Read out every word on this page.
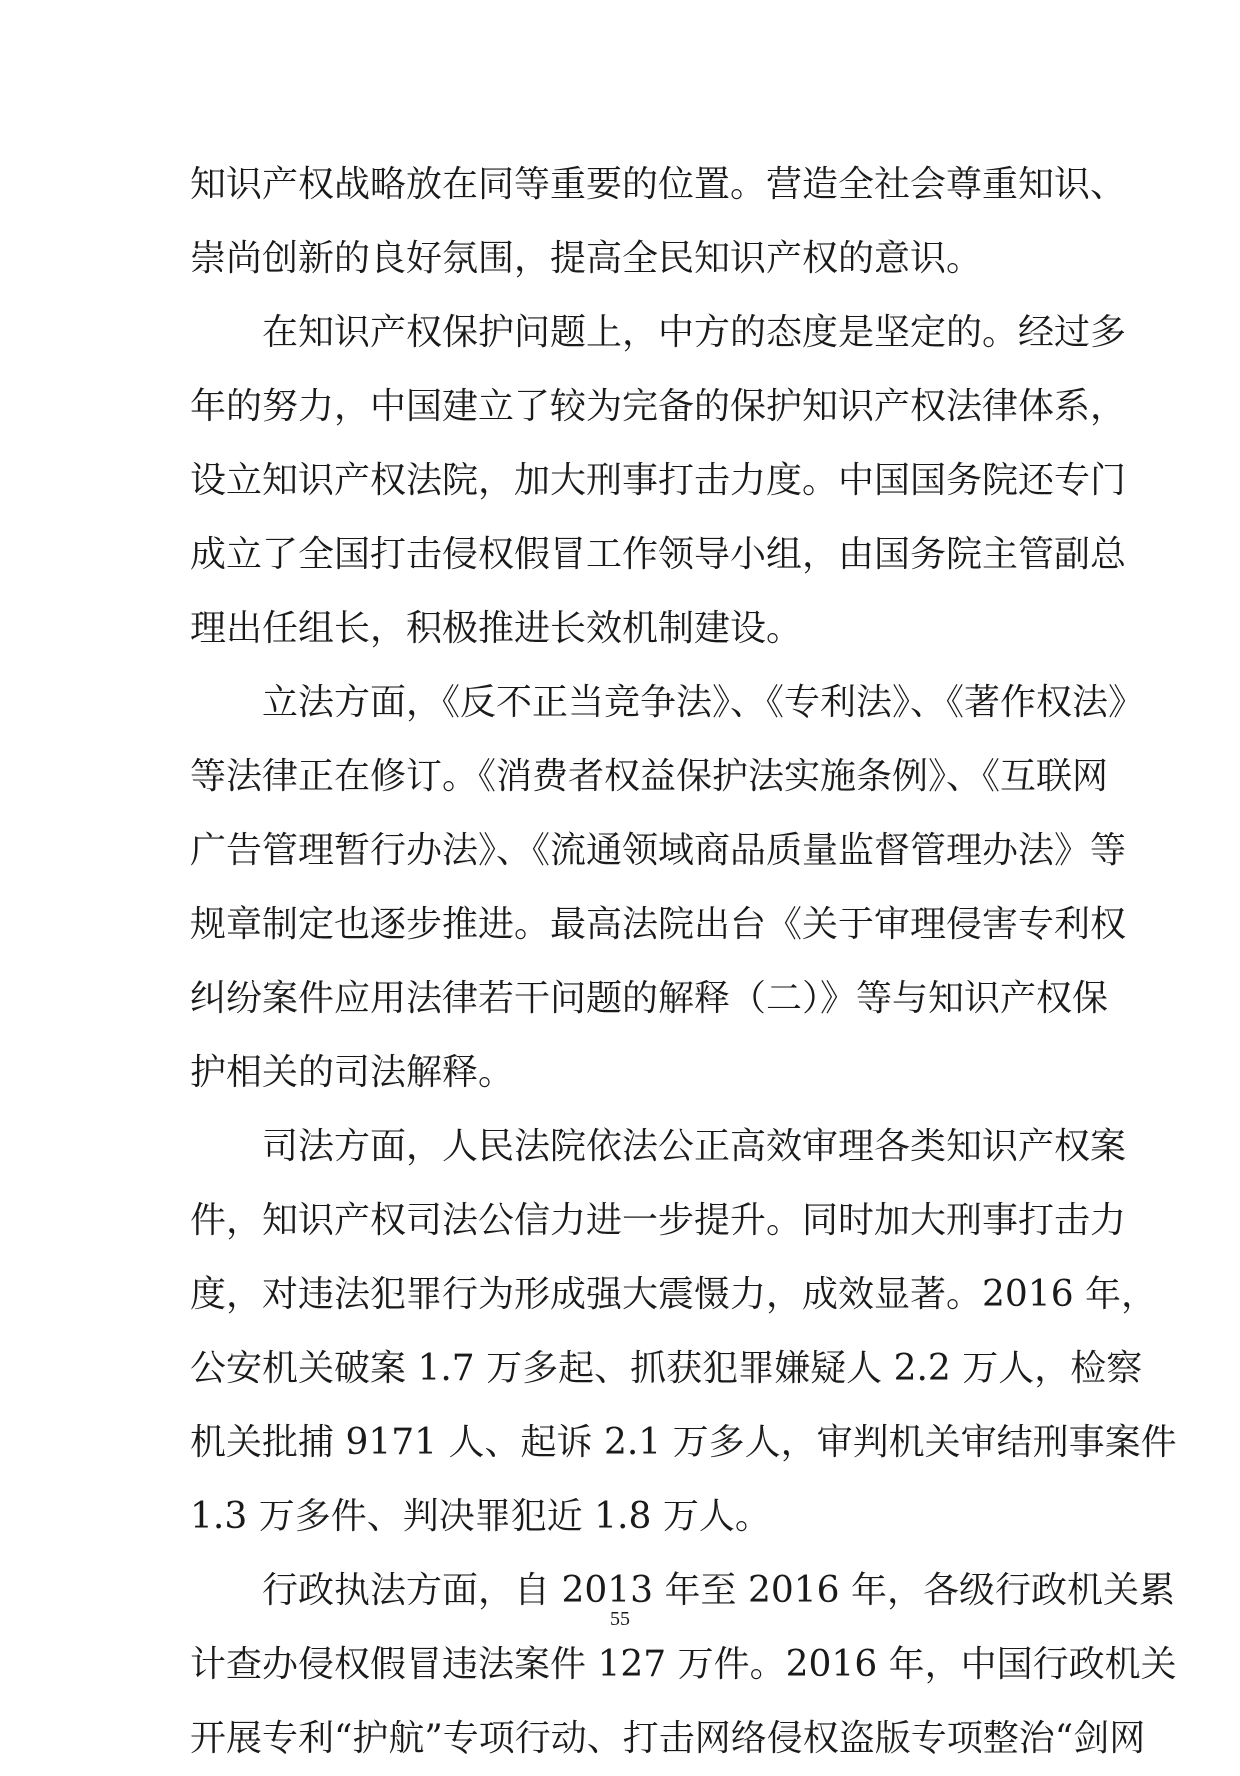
知识产权战略放在同等重要的位置。营造全社会尊重知识、
崇尚创新的良好氛围，提高全民知识产权的意识。
在知识产权保护问题上，中方的态度是坚定的。经过多
年的努力，中国建立了较为完备的保护知识产权法律体系，
设立知识产权法院，加大刑事打击力度。中国国务院还专门
成立了全国打击侵权假冒工作领导小组，由国务院主管副总
理出任组长，积极推进长效机制建设。
立法方面，《反不正当竞争法》、《专利法》、《著作权法》
等法律正在修订。《消费者权益保护法实施条例》、《互联网
广告管理暂行办法》、《流通领域商品质量监督管理办法》等
规章制定也逐步推进。最高法院出台《关于审理侵害专利权
纠纷案件应用法律若干问题的解释（二）》等与知识产权保
护相关的司法解释。
司法方面，人民法院依法公正高效审理各类知识产权案
件，知识产权司法公信力进一步提升。同时加大刑事打击力
度，对违法犯罪行为形成强大震慑力，成效显著。2016 年，
公安机关破案 1.7 万多起、抓获犯罪嫌疑人 2.2 万人，检察
机关批捕 9171 人、起诉 2.1 万多人，审判机关审结刑事案件
1.3 万多件、判决罪犯近 1.8 万人。
行政执法方面，自 2013 年至 2016 年，各级行政机关累
计查办侵权假冒违法案件 127 万件。2016 年，中国行政机关
开展专利“护航”专项行动、打击网络侵权盗版专项整治“剑网
55
